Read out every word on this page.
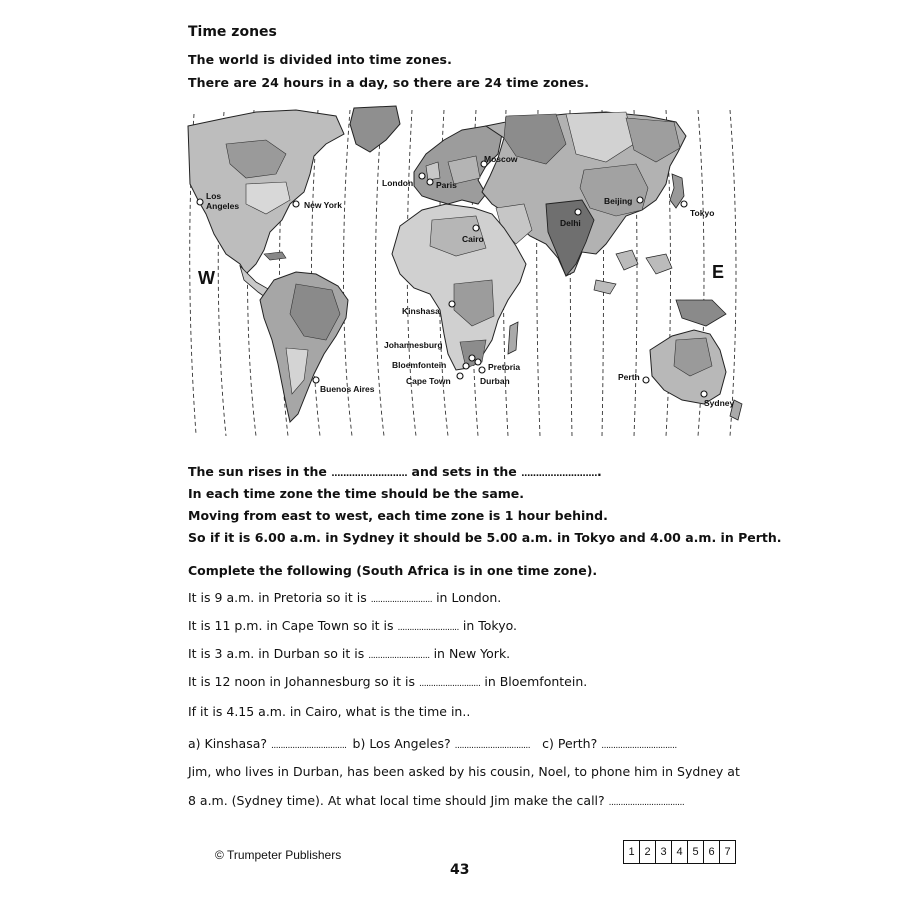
Time zones
The world is divided into time zones.
There are 24 hours in a day, so there are 24 time zones.
W	E
Los
Angeles	New York
London	Paris
Moscow
Cairo
Delhi
Beijing
Tokyo
Kinshasa
Johannesburg
Bloemfontein	Pretoria
Cape Town	Durban
Buenos Aires
Perth
Sydney
The sun rises in the .......................... and sets in the ...........................
In each time zone the time should be the same.
Moving from east to west, each time zone is 1 hour behind.
So if it is 6.00 a.m. in Sydney it should be 5.00 a.m. in Tokyo and 4.00 a.m. in Perth.
Complete the following (South Africa is in one time zone).
It is 9 a.m. in Pretoria so it is .......................... in London.
It is 11 p.m. in Cape Town so it is .......................... in Tokyo.
It is 3 a.m. in Durban so it is .......................... in New York.
It is 12 noon in Johannesburg so it is .......................... in Bloemfontein.
If it is 4.15 a.m. in Cairo, what is the time in..
a) Kinshasa? ................................ b) Los Angeles? ................................ c) Perth? ................................
Jim, who lives in Durban, has been asked by his cousin, Noel, to phone him in Sydney at
8 a.m. (Sydney time). At what local time should Jim make the call? ................................
© Trumpeter Publishers
43
1 2 3 4 5 6 7
